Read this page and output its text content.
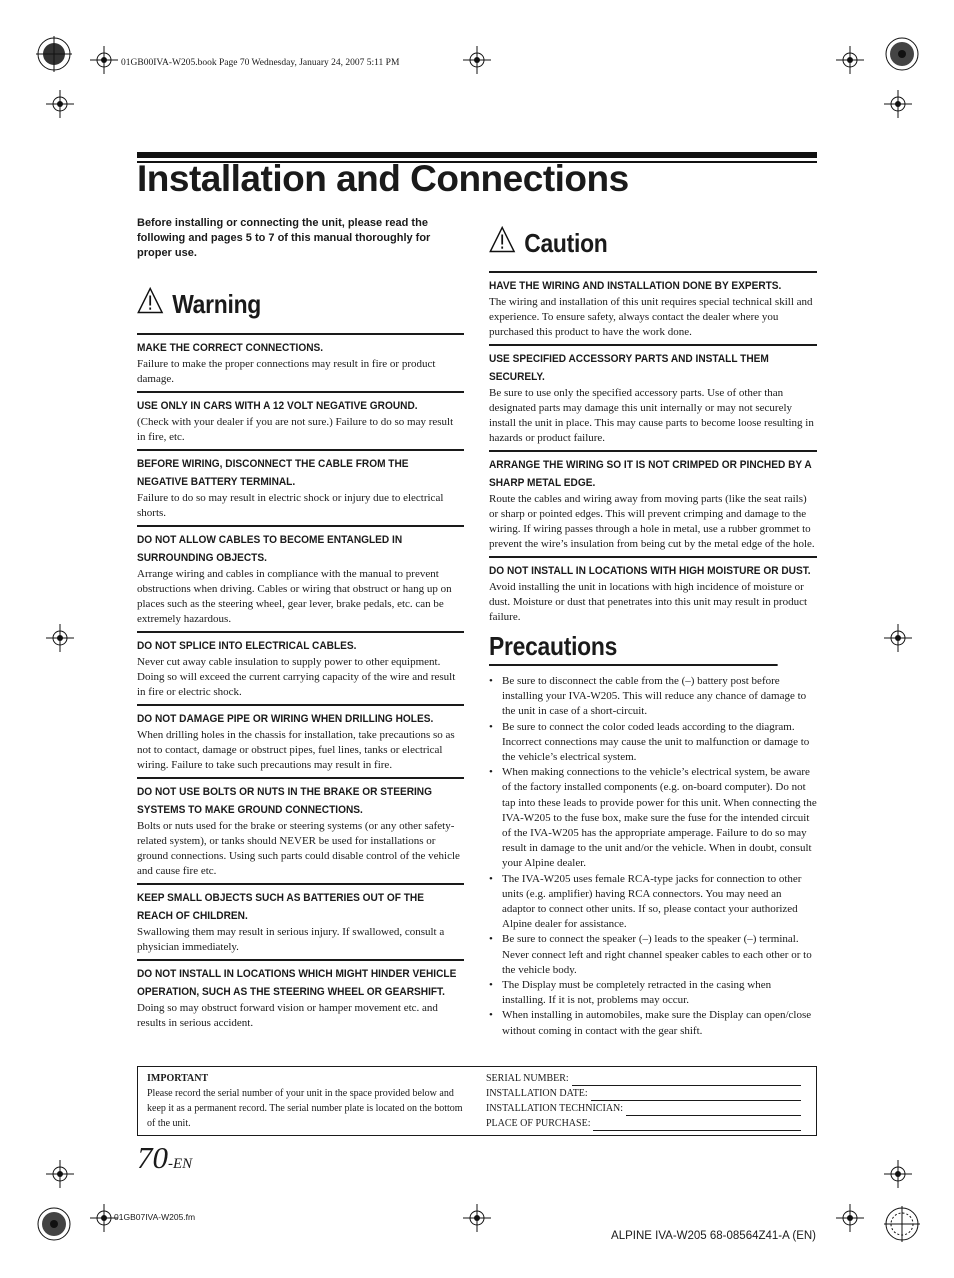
01GB00IVA-W205.book Page 70 Wednesday, January 24, 2007 5:11 PM
01GB07IVA-W205.fm
ALPINE IVA-W205 68-08564Z41-A (EN)
Installation and Connections
Before installing or connecting the unit, please read the following and pages 5 to 7 of this manual thoroughly for proper use.
Warning
MAKE THE CORRECT CONNECTIONS.
Failure to make the proper connections may result in fire or product damage.
USE ONLY IN CARS WITH A 12 VOLT NEGATIVE GROUND.
(Check with your dealer if you are not sure.) Failure to do so may result in fire, etc.
BEFORE WIRING, DISCONNECT THE CABLE FROM THE NEGATIVE BATTERY TERMINAL.
Failure to do so may result in electric shock or injury due to electrical shorts.
DO NOT ALLOW CABLES TO BECOME ENTANGLED IN SURROUNDING OBJECTS.
Arrange wiring and cables in compliance with the manual to prevent obstructions when driving. Cables or wiring that obstruct or hang up on places such as the steering wheel, gear lever, brake pedals, etc. can be extremely hazardous.
DO NOT SPLICE INTO ELECTRICAL CABLES.
Never cut away cable insulation to supply power to other equipment. Doing so will exceed the current carrying capacity of the wire and result in fire or electric shock.
DO NOT DAMAGE PIPE OR WIRING WHEN DRILLING HOLES.
When drilling holes in the chassis for installation, take precautions so as not to contact, damage or obstruct pipes, fuel lines, tanks or electrical wiring. Failure to take such precautions may result in fire.
DO NOT USE BOLTS OR NUTS IN THE BRAKE OR STEERING SYSTEMS TO MAKE GROUND CONNECTIONS.
Bolts or nuts used for the brake or steering systems (or any other safety-related system), or tanks should NEVER be used for installations or ground connections. Using such parts could disable control of the vehicle and cause fire etc.
KEEP SMALL OBJECTS SUCH AS BATTERIES OUT OF THE REACH OF CHILDREN.
Swallowing them may result in serious injury. If swallowed, consult a physician immediately.
DO NOT INSTALL IN LOCATIONS WHICH MIGHT HINDER VEHICLE OPERATION, SUCH AS THE STEERING WHEEL OR GEARSHIFT.
Doing so may obstruct forward vision or hamper movement etc. and results in serious accident.
Caution
HAVE THE WIRING AND INSTALLATION DONE BY EXPERTS.
The wiring and installation of this unit requires special technical skill and experience. To ensure safety, always contact the dealer where you purchased this product to have the work done.
USE SPECIFIED ACCESSORY PARTS AND INSTALL THEM SECURELY.
Be sure to use only the specified accessory parts. Use of other than designated parts may damage this unit internally or may not securely install the unit in place. This may cause parts to become loose resulting in hazards or product failure.
ARRANGE THE WIRING SO IT IS NOT CRIMPED OR PINCHED BY A SHARP METAL EDGE.
Route the cables and wiring away from moving parts (like the seat rails) or sharp or pointed edges. This will prevent crimping and damage to the wiring. If wiring passes through a hole in metal, use a rubber grommet to prevent the wire’s insulation from being cut by the metal edge of the hole.
DO NOT INSTALL IN LOCATIONS WITH HIGH MOISTURE OR DUST.
Avoid installing the unit in locations with high incidence of moisture or dust. Moisture or dust that penetrates into this unit may result in product failure.
Precautions
• Be sure to disconnect the cable from the (–) battery post before installing your IVA-W205. This will reduce any chance of damage to the unit in case of a short-circuit.
• Be sure to connect the color coded leads according to the diagram. Incorrect connections may cause the unit to malfunction or damage to the vehicle’s electrical system.
• When making connections to the vehicle’s electrical system, be aware of the factory installed components (e.g. on-board computer). Do not tap into these leads to provide power for this unit. When connecting the IVA-W205 to the fuse box, make sure the fuse for the intended circuit of the IVA-W205 has the appropriate amperage. Failure to do so may result in damage to the unit and/or the vehicle. When in doubt, consult your Alpine dealer.
• The IVA-W205 uses female RCA-type jacks for connection to other units (e.g. amplifier) having RCA connectors. You may need an adaptor to connect other units. If so, please contact your authorized Alpine dealer for assistance.
• Be sure to connect the speaker (–) leads to the speaker (–) terminal. Never connect left and right channel speaker cables to each other or to the vehicle body.
• The Display must be completely retracted in the casing when installing. If it is not, problems may occur.
• When installing in automobiles, make sure the Display can open/close without coming in contact with the gear shift.
IMPORTANT
Please record the serial number of your unit in the space provided below and keep it as a permanent record. The serial number plate is located on the bottom of the unit.
SERIAL NUMBER:
INSTALLATION DATE:
INSTALLATION TECHNICIAN:
PLACE OF PURCHASE:
70-EN
